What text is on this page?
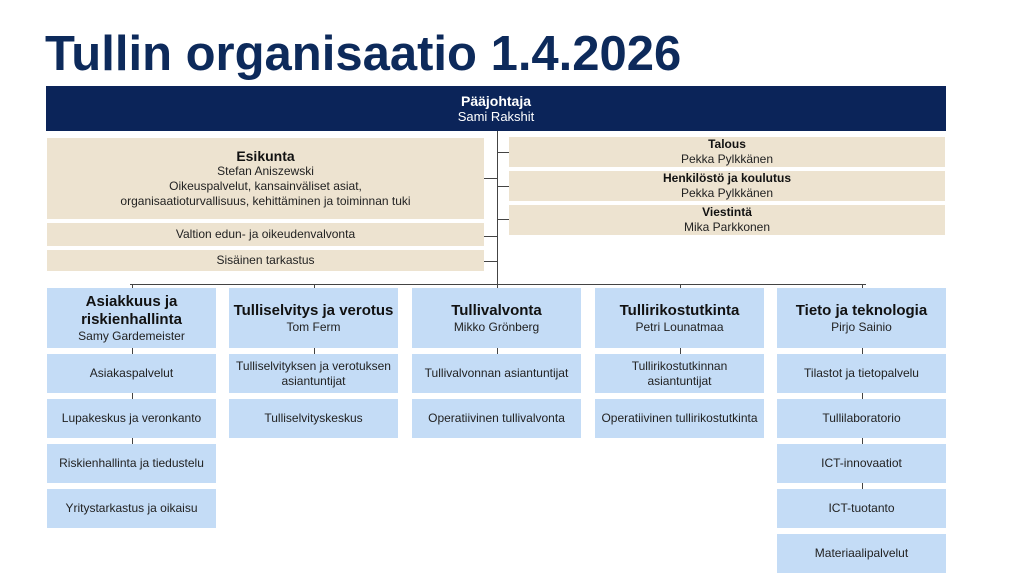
Tullin organisaatio 1.4.2026
Pääjohtaja
Sami Rakshit
Esikunta
Stefan Aniszewski
Oikeuspalvelut, kansainväliset asiat,
organisaatioturvallisuus, kehittäminen ja toiminnan tuki
Valtion edun- ja oikeudenvalvonta
Sisäinen tarkastus
Talous
Pekka Pylkkänen
Henkilöstö ja koulutus
Pekka Pylkkänen
Viestintä
Mika Parkkonen
Asiakkuus ja riskienhallinta
Samy Gardemeister
Asiakaspalvelut
Lupakeskus ja veronkanto
Riskienhallinta ja tiedustelu
Yritystarkastus ja oikaisu
Tulliselvitys ja verotus
Tom Ferm
Tulliselvityksen ja verotuksen asiantuntijat
Tulliselvityskeskus
Tullivalvonta
Mikko Grönberg
Tullivalvonnan asiantuntijat
Operatiivinen tullivalvonta
Tullirikostutkinta
Petri Lounatmaa
Tullirikostutkinnan asiantuntijat
Operatiivinen tullirikostutkinta
Tieto ja teknologia
Pirjo Sainio
Tilastot ja tietopalvelu
Tullilaboratorio
ICT-innovaatiot
ICT-tuotanto
Materiaalipalvelut
